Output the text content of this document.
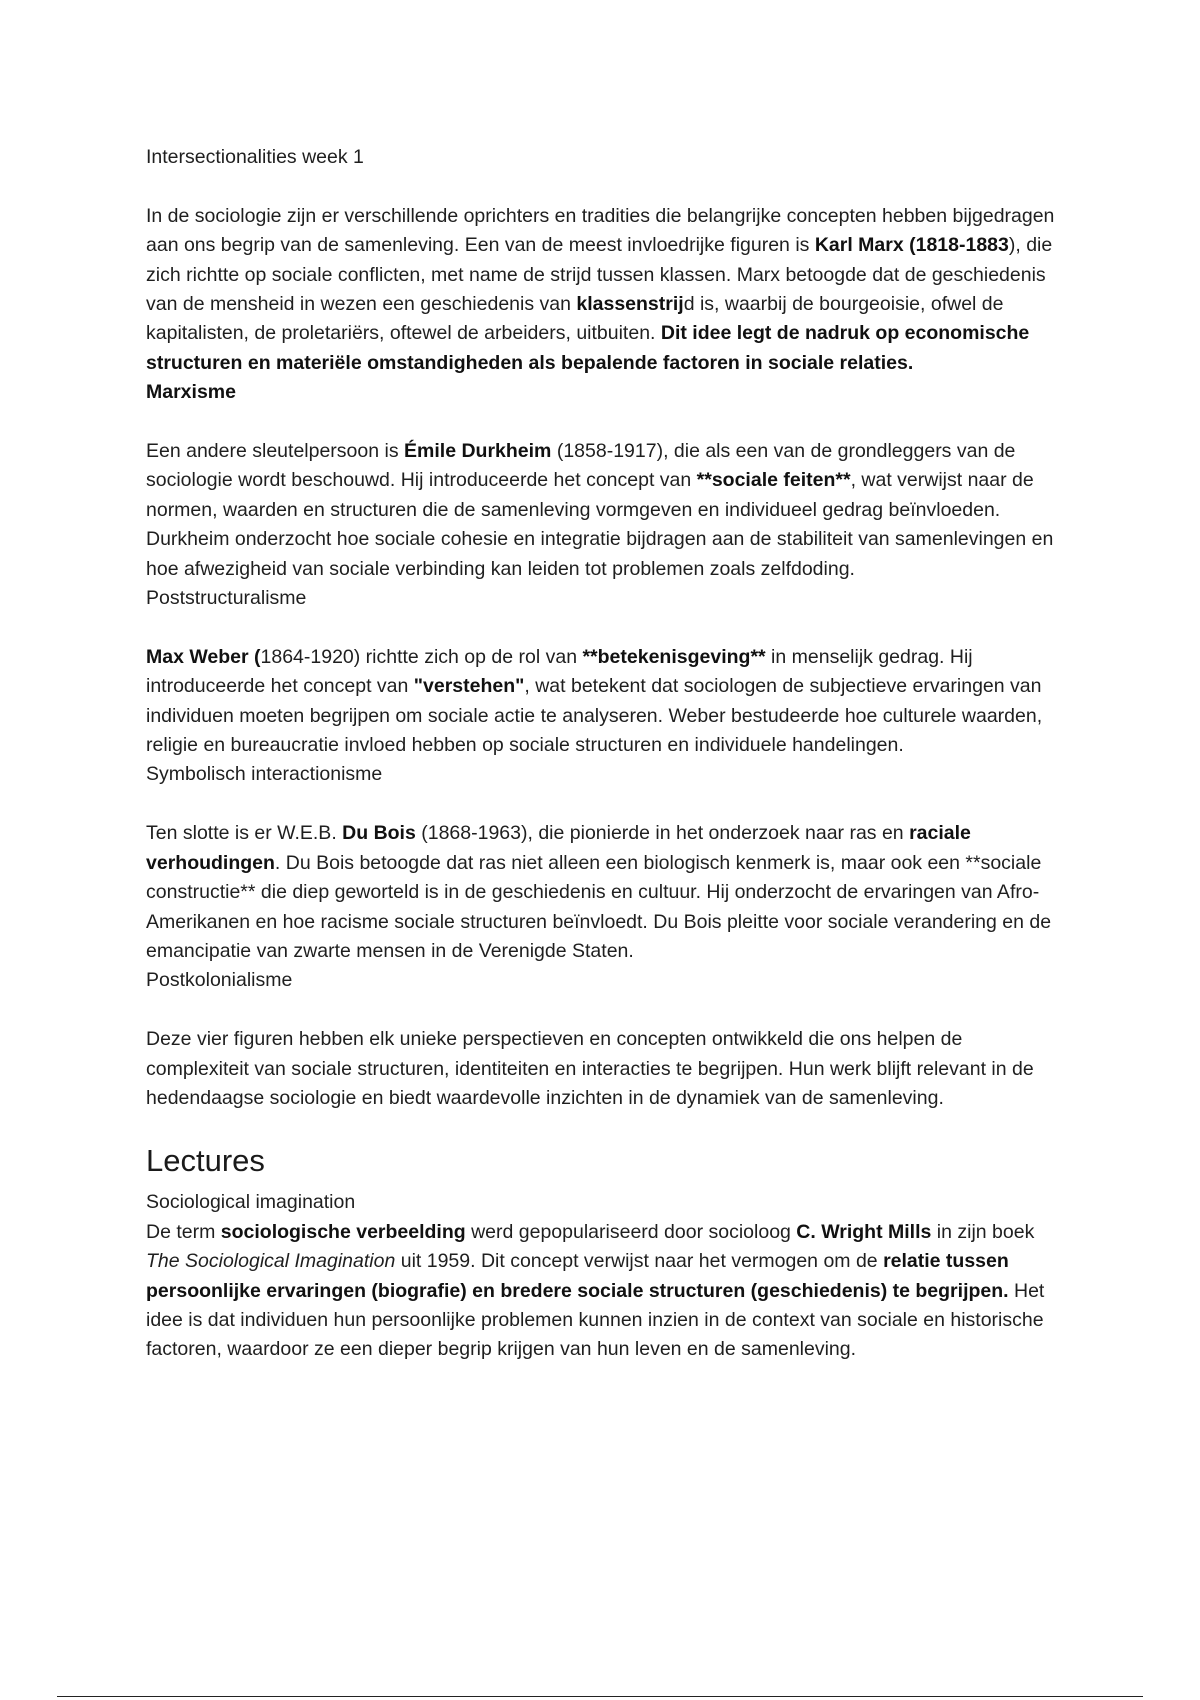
Intersectionalities week 1

In de sociologie zijn er verschillende oprichters en tradities die belangrijke concepten hebben bijgedragen aan ons begrip van de samenleving. Een van de meest invloedrijke figuren is Karl Marx (1818-1883), die zich richtte op sociale conflicten, met name de strijd tussen klassen. Marx betoogde dat de geschiedenis van de mensheid in wezen een geschiedenis van klassenstrijd is, waarbij de bourgeoisie, ofwel de kapitalisten, de proletariërs, oftewel de arbeiders, uitbuiten. Dit idee legt de nadruk op economische structuren en materiële omstandigheden als bepalende factoren in sociale relaties.
Marxisme

Een andere sleutelpersoon is Émile Durkheim (1858-1917), die als een van de grondleggers van de sociologie wordt beschouwd. Hij introduceerde het concept van **sociale feiten**, wat verwijst naar de normen, waarden en structuren die de samenleving vormgeven en individueel gedrag beïnvloeden. Durkheim onderzocht hoe sociale cohesie en integratie bijdragen aan de stabiliteit van samenlevingen en hoe afwezigheid van sociale verbinding kan leiden tot problemen zoals zelfdoding.

Poststructuralisme

Max Weber (1864-1920) richtte zich op de rol van **betekenisgeving** in menselijk gedrag. Hij introduceerde het concept van "verstehen", wat betekent dat sociologen de subjectieve ervaringen van individuen moeten begrijpen om sociale actie te analyseren. Weber bestudeerde hoe culturele waarden, religie en bureaucratie invloed hebben op sociale structuren en individuele handelingen.

Symbolisch interactionisme

Ten slotte is er W.E.B. Du Bois (1868-1963), die pionierde in het onderzoek naar ras en raciale verhoudingen. Du Bois betoogde dat ras niet alleen een biologisch kenmerk is, maar ook een **sociale constructie** die diep geworteld is in de geschiedenis en cultuur. Hij onderzocht de ervaringen van Afro-Amerikanen en hoe racisme sociale structuren beïnvloedt. Du Bois pleitte voor sociale verandering en de emancipatie van zwarte mensen in de Verenigde Staten.

Postkolonialisme

Deze vier figuren hebben elk unieke perspectieven en concepten ontwikkeld die ons helpen de complexiteit van sociale structuren, identiteiten en interacties te begrijpen. Hun werk blijft relevant in de hedendaagse sociologie en biedt waardevolle inzichten in de dynamiek van de samenleving.

Lectures

Sociological imagination

De term sociologische verbeelding werd gepopulariseerd door socioloog C. Wright Mills in zijn boek The Sociological Imagination uit 1959. Dit concept verwijst naar het vermogen om de relatie tussen persoonlijke ervaringen (biografie) en bredere sociale structuren (geschiedenis) te begrijpen. Het idee is dat individuen hun persoonlijke problemen kunnen inzien in de context van sociale en historische factoren, waardoor ze een dieper begrip krijgen van hun leven en de samenleving.
